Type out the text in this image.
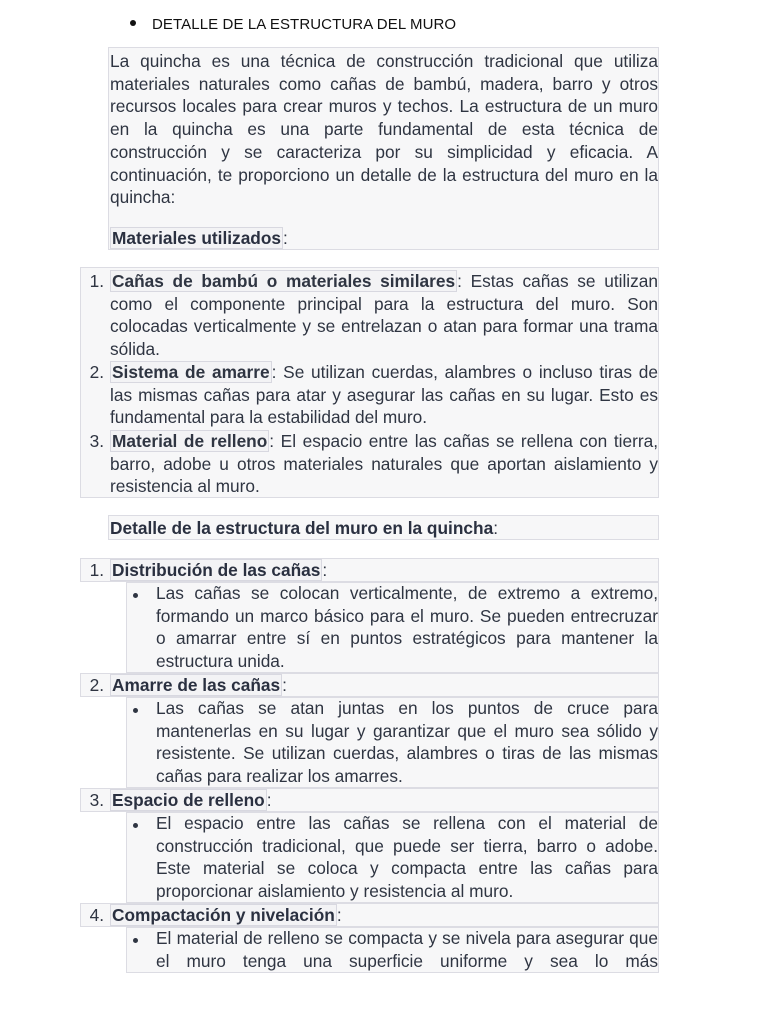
DETALLE DE LA ESTRUCTURA DEL MURO

La quincha es una técnica de construcción tradicional que utiliza materiales naturales como cañas de bambú, madera, barro y otros recursos locales para crear muros y techos. La estructura de un muro en la quincha es una parte fundamental de esta técnica de construcción y se caracteriza por su simplicidad y eficacia. A continuación, te proporciono un detalle de la estructura del muro en la quincha:

Materiales utilizados :

1. Cañas de bambú o materiales similares : Estas cañas se utilizan como el componente principal para la estructura del muro. Son colocadas verticalmente y se entrelazan o atan para formar una trama sólida.
2. Sistema de amarre : Se utilizan cuerdas, alambres o incluso tiras de las mismas cañas para atar y asegurar las cañas en su lugar. Esto es fundamental para la estabilidad del muro.
3. Material de relleno : El espacio entre las cañas se rellena con tierra, barro, adobe u otros materiales naturales que aportan aislamiento y resistencia al muro.

Detalle de la estructura del muro en la quincha:

1. Distribución de las cañas :
Las cañas se colocan verticalmente, de extremo a extremo, formando un marco básico para el muro. Se pueden entrecruzar o amarrar entre sí en puntos estratégicos para mantener la estructura unida.
2. Amarre de las cañas :
Las cañas se atan juntas en los puntos de cruce para mantenerlas en su lugar y garantizar que el muro sea sólido y resistente. Se utilizan cuerdas, alambres o tiras de las mismas cañas para realizar los amarres.
3. Espacio de relleno :
El espacio entre las cañas se rellena con el material de construcción tradicional, que puede ser tierra, barro o adobe. Este material se coloca y compacta entre las cañas para proporcionar aislamiento y resistencia al muro.
4. Compactación y nivelación :
El material de relleno se compacta y se nivela para asegurar que el muro tenga una superficie uniforme y sea lo más
